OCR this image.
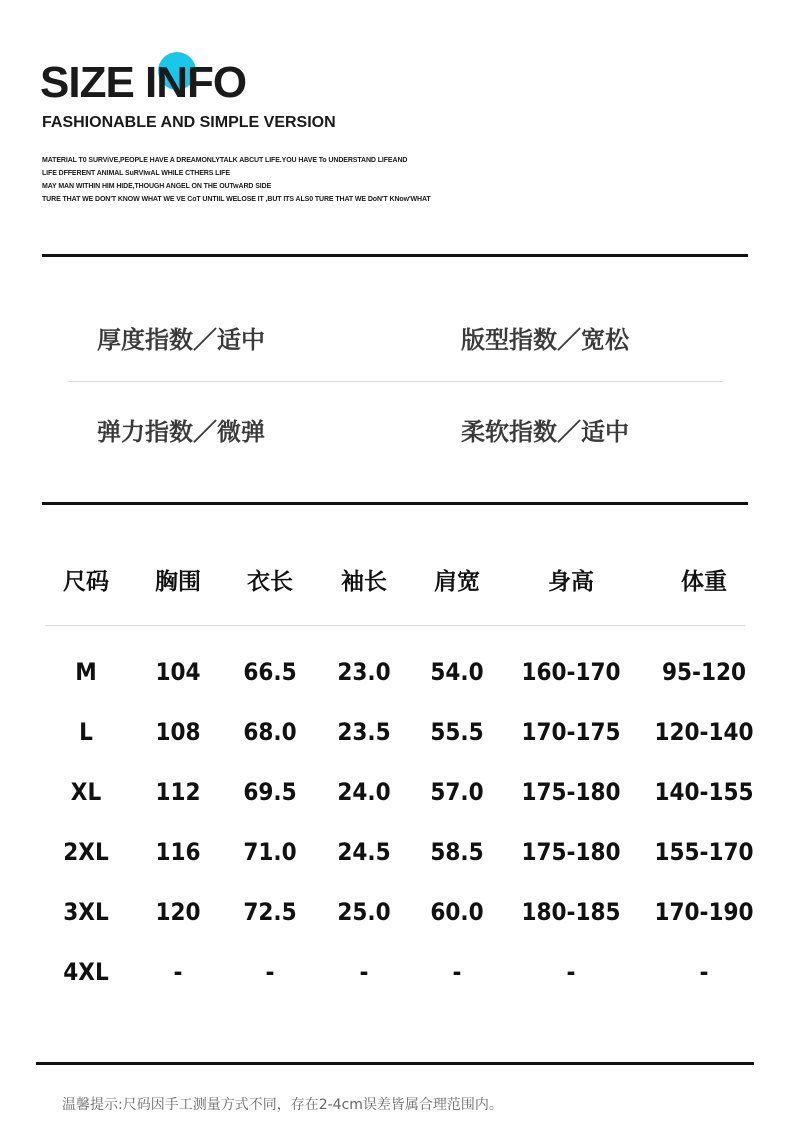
SIZE INFO
FASHIONABLE AND SIMPLE VERSION
MATERIAL T0 SURViVE,PEOPLE HAVE A DREAMONLYTALK ABCUT LIFE.YOU HAVE To UNDERSTAND LIFEAND
LIFE DFFERENT ANIMAL SuRVIwAL WHILE CTHERS LIFE
MAY MAN WITHIN HIM HIDE,THOUGH ANGEL ON THE OUTwARD SIDE
TURE THAT WE DON'T KNOW WHAT WE VE CoT UNTIIL WELOSE IT ,BUT ITS ALS0 TURE THAT WE DoN'T KNow'WHAT
厚度指数／适中	版型指数／宽松
弹力指数／微弹	柔软指数／适中
尺码 胸围 衣长 袖长 肩宽	身高	体重
M 104 66.5 23.0 54.0 160-170 95-120
L	108 68.0 23.5 55.5 170-175 120-140
XL 112 69.5 24.0 57.0 175-180 140-155
2XL 116 71.0 24.5 58.5 175-180 155-170
3XL 120 72.5 25.0 60.0 180-185 170-190
4XL	-	-	-	-	-	-
温馨提示:尺码因手工测量方式不同，存在2-4cm误差皆属合理范围内。
